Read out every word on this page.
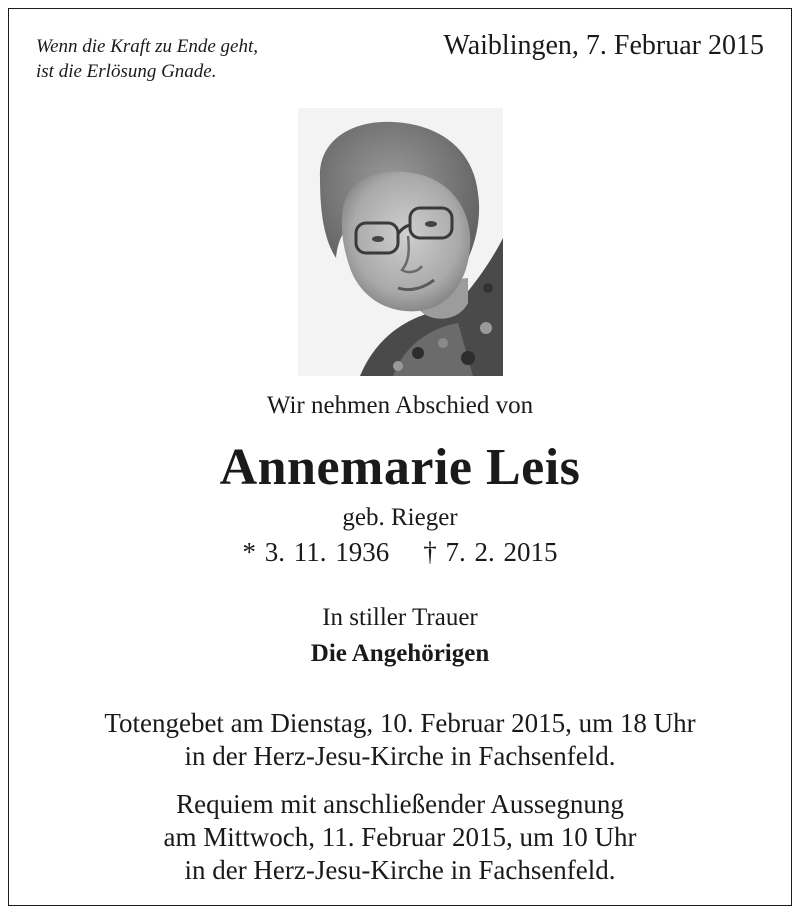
Wenn die Kraft zu Ende geht,
ist die Erlösung Gnade.
Waiblingen, 7. Februar 2015
Wir nehmen Abschied von
Annemarie Leis
geb. Rieger
* 3. 11. 1936 † 7. 2. 2015
In stiller Trauer
Die Angehörigen
Totengebet am Dienstag, 10. Februar 2015, um 18 Uhr
in der Herz-Jesu-Kirche in Fachsenfeld.
Requiem mit anschließender Aussegnung
am Mittwoch, 11. Februar 2015, um 10 Uhr
in der Herz-Jesu-Kirche in Fachsenfeld.
